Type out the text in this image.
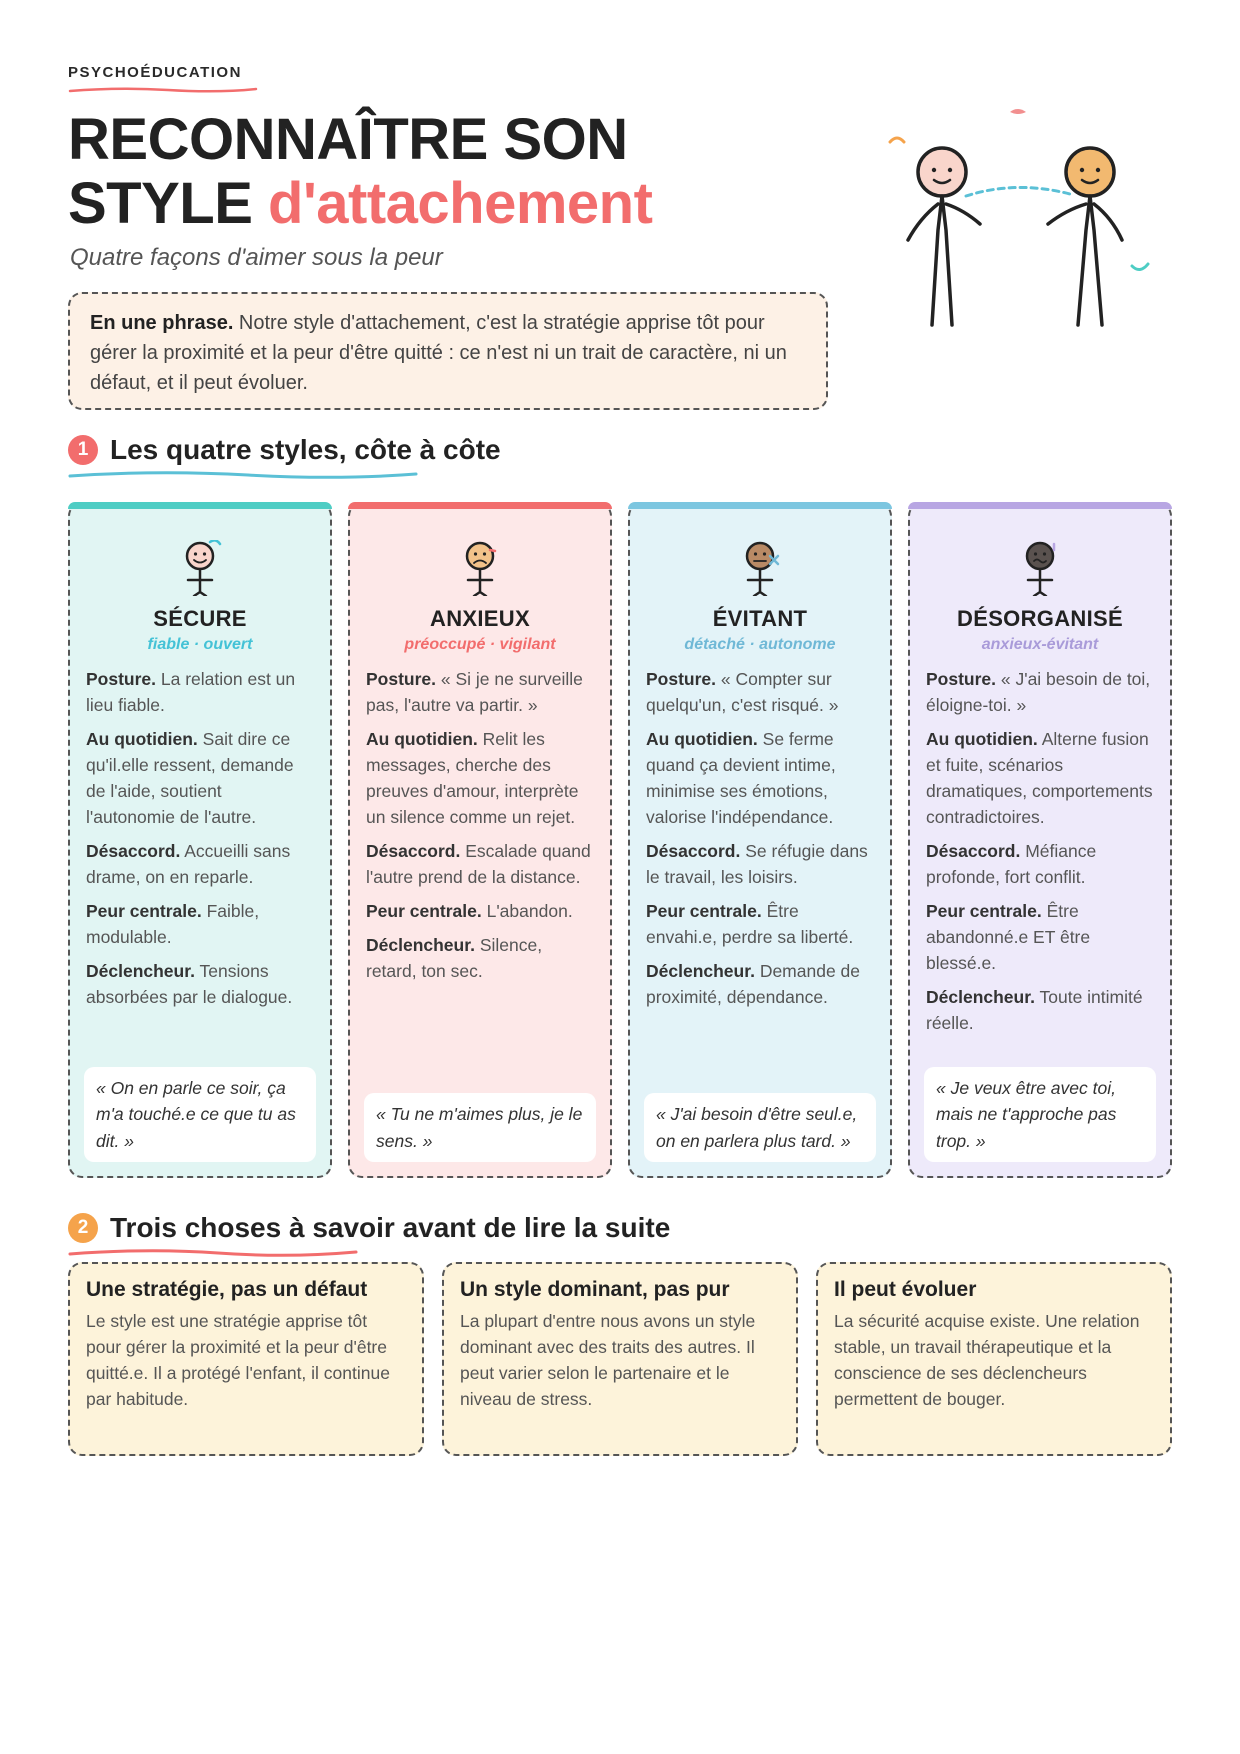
PSYCHOÉDUCATION
RECONNAÎTRE SON
STYLE d'attachement
Quatre façons d'aimer sous la peur
En une phrase. Notre style d'attachement, c'est la stratégie apprise tôt pour gérer la proximité et la peur d'être quitté : ce n'est ni un trait de caractère, ni un défaut, et il peut évoluer.
1 Les quatre styles, côte à côte
SÉCURE
fiable · ouvert
Posture. La relation est un lieu fiable.
Au quotidien. Sait dire ce qu'il.elle ressent, demande de l'aide, soutient l'autonomie de l'autre.
Désaccord. Accueilli sans drame, on en reparle.
Peur centrale. Faible, modulable.
Déclencheur. Tensions absorbées par le dialogue.
« On en parle ce soir, ça m'a touché.e ce que tu as dit. »
ANXIEUX
préoccupé · vigilant
Posture. « Si je ne surveille pas, l'autre va partir. »
Au quotidien. Relit les messages, cherche des preuves d'amour, interprète un silence comme un rejet.
Désaccord. Escalade quand l'autre prend de la distance.
Peur centrale. L'abandon.
Déclencheur. Silence, retard, ton sec.
« Tu ne m'aimes plus, je le sens. »
ÉVITANT
détaché · autonome
Posture. « Compter sur quelqu'un, c'est risqué. »
Au quotidien. Se ferme quand ça devient intime, minimise ses émotions, valorise l'indépendance.
Désaccord. Se réfugie dans le travail, les loisirs.
Peur centrale. Être envahi.e, perdre sa liberté.
Déclencheur. Demande de proximité, dépendance.
« J'ai besoin d'être seul.e, on en parlera plus tard. »
DÉSORGANISÉ
anxieux-évitant
Posture. « J'ai besoin de toi, éloigne-toi. »
Au quotidien. Alterne fusion et fuite, scénarios dramatiques, comportements contradictoires.
Désaccord. Méfiance profonde, fort conflit.
Peur centrale. Être abandonné.e ET être blessé.e.
Déclencheur. Toute intimité réelle.
« Je veux être avec toi, mais ne t'approche pas trop. »
2 Trois choses à savoir avant de lire la suite
Une stratégie, pas un défaut
Le style est une stratégie apprise tôt pour gérer la proximité et la peur d'être quitté.e. Il a protégé l'enfant, il continue par habitude.
Un style dominant, pas pur
La plupart d'entre nous avons un style dominant avec des traits des autres. Il peut varier selon le partenaire et le niveau de stress.
Il peut évoluer
La sécurité acquise existe. Une relation stable, un travail thérapeutique et la conscience de ses déclencheurs permettent de bouger.
